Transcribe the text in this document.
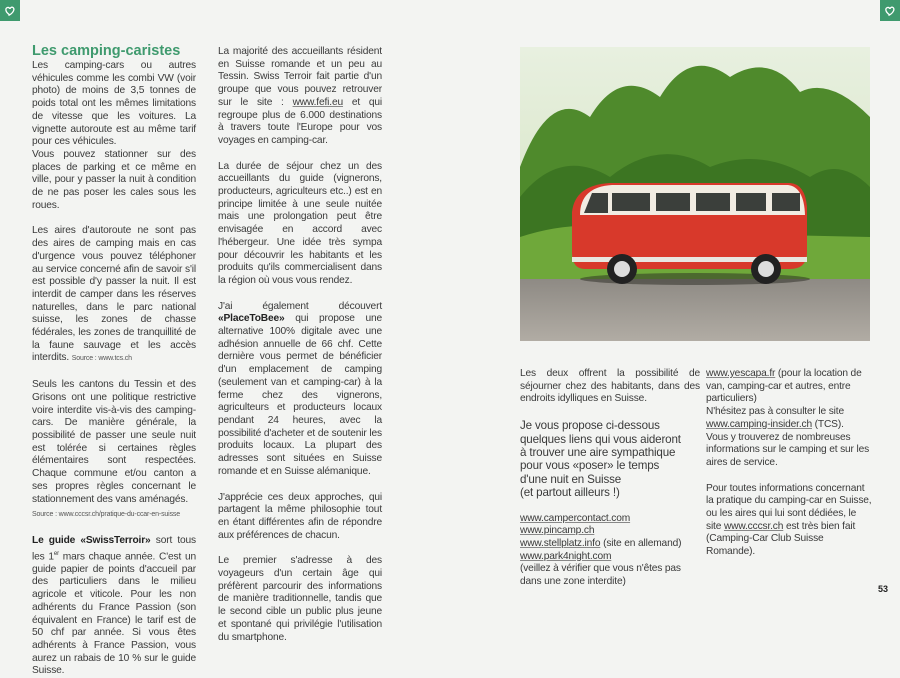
Les camping-caristes

Les camping-cars ou autres véhicules comme les combi VW (voir photo) de moins de 3,5 tonnes de poids total ont les mêmes limitations de vitesse que les voitures. La vignette autoroute est au même tarif pour ces véhicules.

Vous pouvez stationner sur des places de parking et ce même en ville, pour y passer la nuit à condition de ne pas poser les cales sous les roues.

Les aires d'autoroute ne sont pas des aires de camping mais en cas d'urgence vous pouvez téléphoner au service concerné afin de savoir s'il est possible d'y passer la nuit. Il est interdit de camper dans les réserves naturelles, dans le parc national suisse, les zones de chasse fédérales, les zones de tranquillité de la faune sauvage et les accès interdits. Source : www.tcs.ch

Seuls les cantons du Tessin et des Grisons ont une politique restrictive voire interdite vis-à-vis des camping-cars. De manière générale, la possibilité de passer une seule nuit est tolérée si certaines règles élémentaires sont respectées. Chaque commune et/ou canton a ses propres règles concernant le stationnement des vans aménagés.

Source : www.cccsr.ch/pratique-du-ccar-en-suisse

Le guide «SwissTerroir» sort tous les 1er mars chaque année. C'est un guide papier de points d'accueil par des particuliers dans le milieu agricole et viticole. Pour les non adhérents du France Passion (son équivalent en France) le tarif est de 50 chf par année. Si vous êtes adhérents à France Passion, vous aurez un rabais de 10 % sur le guide Suisse.

La majorité des accueillants résident en Suisse romande et un peu au Tessin. Swiss Terroir fait partie d'un groupe que vous pouvez retrouver sur le site : www.fefi.eu et qui regroupe plus de 6.000 destinations à travers toute l'Europe pour vos voyages en camping-car.

La durée de séjour chez un des accueillants du guide (vignerons, producteurs, agriculteurs etc..) est en principe limitée à une seule nuitée mais une prolongation peut être envisagée en accord avec l'hébergeur. Une idée très sympa pour découvrir les habitants et les produits qu'ils commercialisent dans la région où vous vous rendez.

J'ai également découvert «PlaceToBee» qui propose une alternative 100% digitale avec une adhésion annuelle de 66 chf. Cette dernière vous permet de bénéficier d'un emplacement de camping (seulement van et camping-car) à la ferme chez des vignerons, agriculteurs et producteurs locaux pendant 24 heures, avec la possibilité d'acheter et de soutenir les produits locaux. La plupart des adresses sont situées en Suisse romande et en Suisse alémanique.

J'apprécie ces deux approches, qui partagent la même philosophie tout en étant différentes afin de répondre aux préférences de chacun.

Le premier s'adresse à des voyageurs d'un certain âge qui préfèrent parcourir des informations de manière traditionnelle, tandis que le second cible un public plus jeune et spontané qui privilégie l'utilisation du smartphone.

Les deux offrent la possibilité de séjourner chez des habitants, dans des endroits idylliques en Suisse.

Je vous propose ci-dessous
quelques liens qui vous aideront
à trouver une aire sympathique
pour vous «poser» le temps
d'une nuit en Suisse
(et partout ailleurs !)
www.campercontact.com
www.pincamp.ch
www.stellplatz.info (site en allemand)
www.park4night.com
(veillez à vérifier que vous n'êtes pas dans une zone interdite)

www.yescapa.fr (pour la location de van, camping-car et autres, entre particuliers)
N'hésitez pas à consulter le site www.camping-insider.ch (TCS).
Vous y trouverez de nombreuses informations sur le camping et sur les aires de service.

Pour toutes informations concernant la pratique du camping-car en Suisse, ou les aires qui lui sont dédiées, le site www.cccsr.ch est très bien fait (Camping-Car Club Suisse Romande).

53
